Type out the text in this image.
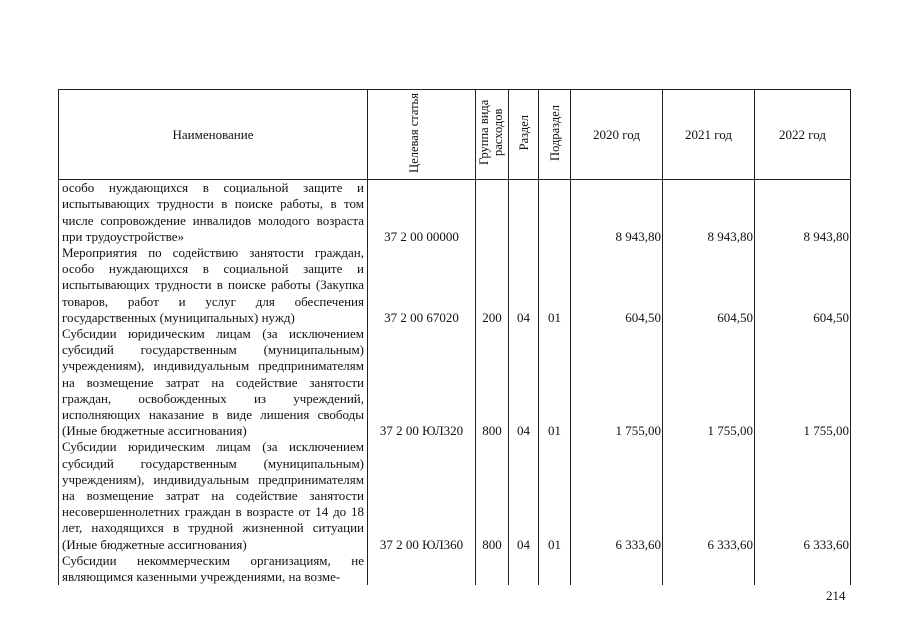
Наименование	Целевая статья	Группа вида расходов	Раздел	Подраздел	2020 год	2021 год	2022 год
особо нуждающихся в социальной защите и испытывающих трудности в поиске работы, в том числе сопровождение инвалидов молодого возраста при трудоустройстве»	37 2 00 00000				8 943,80	8 943,80	8 943,80
Мероприятия по содействию занятости граждан, особо нуждающихся в социальной защите и испытывающих трудности в поиске работы (Закупка товаров, работ и услуг для обеспечения государственных (муниципальных) нужд)	37 2 00 67020	200	04	01	604,50	604,50	604,50
Субсидии юридическим лицам (за исключением субсидий государственным (муниципальным) учреждениям), индивидуальным предпринимателям на возмещение затрат на содействие занятости граждан, освобожденных из учреждений, исполняющих наказание в виде лишения свободы (Иные бюджетные ассигнования)	37 2 00 ЮЛ320	800	04	01	1 755,00	1 755,00	1 755,00
Субсидии юридическим лицам (за исключением субсидий государственным (муниципальным) учреждениям), индивидуальным предпринимателям на возмещение затрат на содействие занятости несовершеннолетних граждан в возрасте от 14 до 18 лет, находящихся в трудной жизненной ситуации (Иные бюджетные ассигнования)	37 2 00 ЮЛ360	800	04	01	6 333,60	6 333,60	6 333,60
Субсидии некоммерческим организациям, не являющимся казенными учреждениями, на возме-							
214
